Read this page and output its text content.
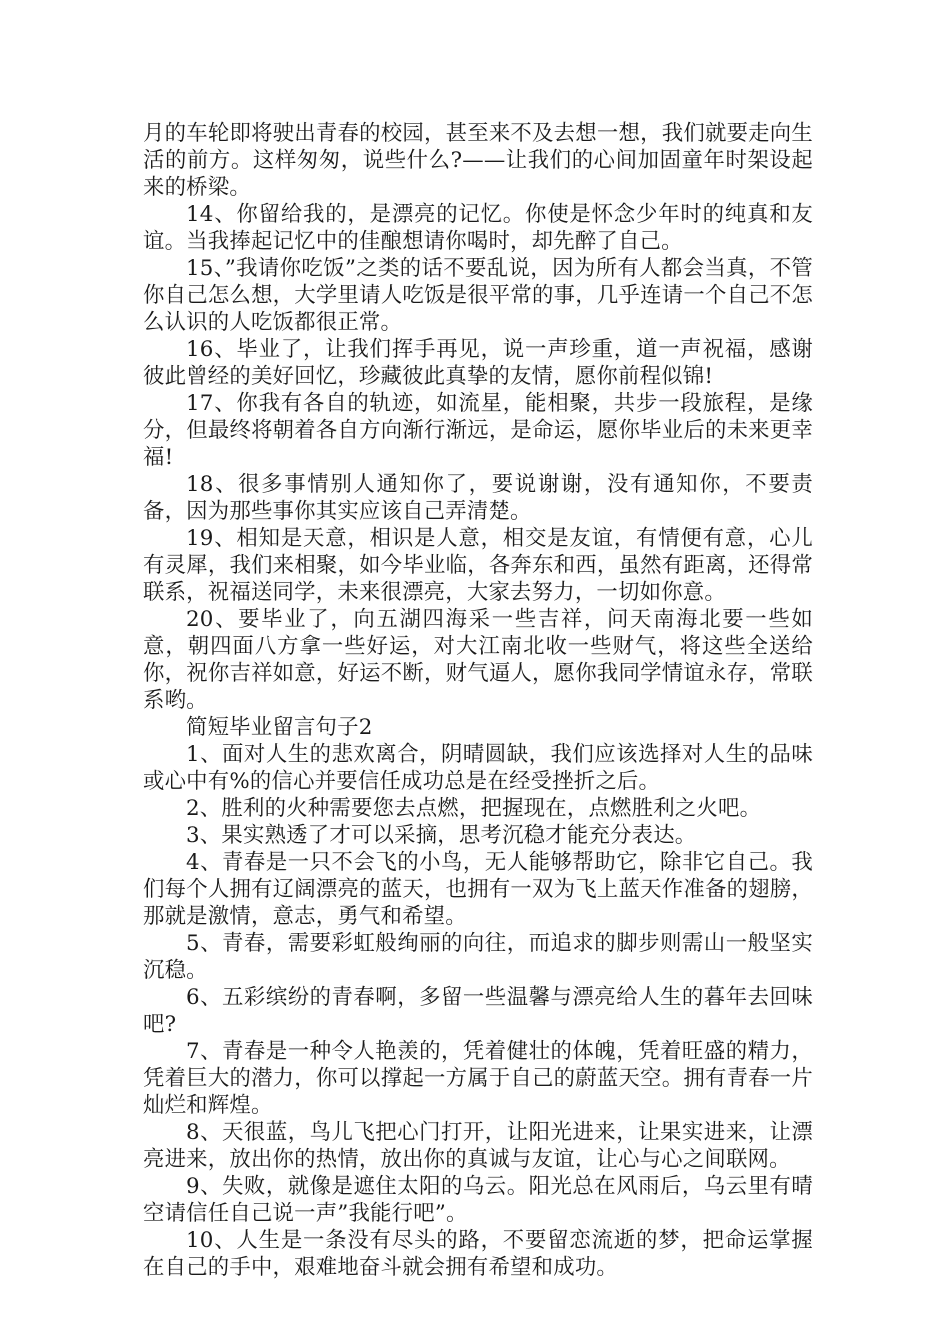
月的车轮即将驶出青春的校园，甚至来不及去想一想，我们就要走向生活的前方。这样匆匆，说些什么?——让我们的心间加固童年时架设起来的桥梁。

14、你留给我的，是漂亮的记忆。你使是怀念少年时的纯真和友谊。当我捧起记忆中的佳酿想请你喝时，却先醉了自己。

15、”我请你吃饭”之类的话不要乱说，因为所有人都会当真，不管你自己怎么想，大学里请人吃饭是很平常的事，几乎连请一个自己不怎么认识的人吃饭都很正常。

16、毕业了，让我们挥手再见，说一声珍重，道一声祝福，感谢彼此曾经的美好回忆，珍藏彼此真挚的友情，愿你前程似锦!

17、你我有各自的轨迹，如流星，能相聚，共步一段旅程，是缘分，但最终将朝着各自方向渐行渐远，是命运，愿你毕业后的未来更幸福!

18、很多事情别人通知你了，要说谢谢，没有通知你，不要责备，因为那些事你其实应该自己弄清楚。

19、相知是天意，相识是人意，相交是友谊，有情便有意，心儿有灵犀，我们来相聚，如今毕业临，各奔东和西，虽然有距离，还得常联系，祝福送同学，未来很漂亮，大家去努力，一切如你意。

20、要毕业了，向五湖四海采一些吉祥，问天南海北要一些如意，朝四面八方拿一些好运，对大江南北收一些财气，将这些全送给你，祝你吉祥如意，好运不断，财气逼人，愿你我同学情谊永存，常联系哟。

简短毕业留言句子2

1、面对人生的悲欢离合，阴晴圆缺，我们应该选择对人生的品味或心中有%的信心并要信任成功总是在经受挫折之后。

2、胜利的火种需要您去点燃，把握现在，点燃胜利之火吧。

3、果实熟透了才可以采摘，思考沉稳才能充分表达。

4、青春是一只不会飞的小鸟，无人能够帮助它，除非它自己。我们每个人拥有辽阔漂亮的蓝天，也拥有一双为飞上蓝天作准备的翅膀，那就是激情，意志，勇气和希望。

5、青春，需要彩虹般绚丽的向往，而追求的脚步则需山一般坚实沉稳。

6、五彩缤纷的青春啊，多留一些温馨与漂亮给人生的暮年去回味吧?

7、青春是一种令人艳羡的，凭着健壮的体魄，凭着旺盛的精力，凭着巨大的潜力，你可以撑起一方属于自己的蔚蓝天空。拥有青春一片灿烂和辉煌。

8、天很蓝，鸟儿飞把心门打开，让阳光进来，让果实进来，让漂亮进来，放出你的热情，放出你的真诚与友谊，让心与心之间联网。

9、失败，就像是遮住太阳的乌云。阳光总在风雨后，乌云里有晴空请信任自己说一声”我能行吧”。

10、人生是一条没有尽头的路，不要留恋流逝的梦，把命运掌握在自己的手中，艰难地奋斗就会拥有希望和成功。
